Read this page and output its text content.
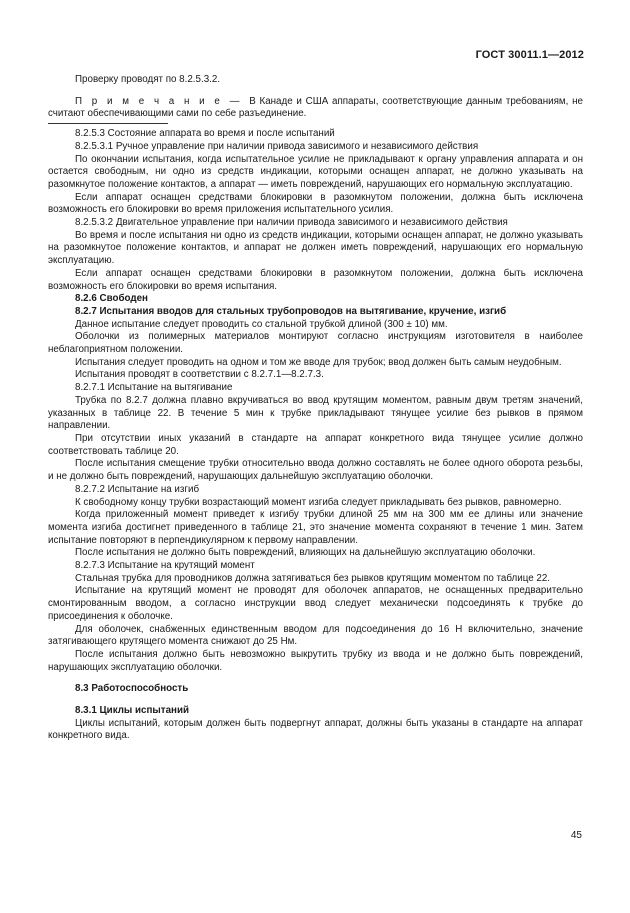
ГОСТ 30011.1—2012

Проверку проводят по 8.2.5.3.2.

П р и м е ч а н и е — В Канаде и США аппараты, соответствующие данным требованиям, не считают обеспечивающими сами по себе разъединение.

8.2.5.3 Состояние аппарата во время и после испытаний

8.2.5.3.1 Ручное управление при наличии привода зависимого и независимого действия

По окончании испытания, когда испытательное усилие не прикладывают к органу управления аппарата и он остается свободным, ни одно из средств индикации, которыми оснащен аппарат, не должно указывать на разомкнутое положение контактов, а аппарат — иметь повреждений, нарушающих его нормальную эксплуатацию.

Если аппарат оснащен средствами блокировки в разомкнутом положении, должна быть исключена возможность его блокировки во время приложения испытательного усилия.

8.2.5.3.2 Двигательное управление при наличии привода зависимого и независимого действия

Во время и после испытания ни одно из средств индикации, которыми оснащен аппарат, не должно указывать на разомкнутое положение контактов, и аппарат не должен иметь повреждений, нарушающих его нормальную эксплуатацию.

Если аппарат оснащен средствами блокировки в разомкнутом положении, должна быть исключена возможность его блокировки во время испытания.

8.2.6 Свободен

8.2.7 Испытания вводов для стальных трубопроводов на вытягивание, кручение, изгиб

Данное испытание следует проводить со стальной трубкой длиной (300 ± 10) мм.

Оболочки из полимерных материалов монтируют согласно инструкциям изготовителя в наиболее неблагоприятном положении.

Испытания следует проводить на одном и том же вводе для трубок; ввод должен быть самым неудобным.

Испытания проводят в соответствии с 8.2.7.1—8.2.7.3.

8.2.7.1 Испытание на вытягивание

Трубка по 8.2.7 должна плавно вкручиваться во ввод крутящим моментом, равным двум третям значений, указанных в таблице 22. В течение 5 мин к трубке прикладывают тянущее усилие без рывков в прямом направлении.

При отсутствии иных указаний в стандарте на аппарат конкретного вида тянущее усилие должно соответствовать таблице 20.

После испытания смещение трубки относительно ввода должно составлять не более одного оборота резьбы, и не должно быть повреждений, нарушающих дальнейшую эксплуатацию оболочки.

8.2.7.2 Испытание на изгиб

К свободному концу трубки возрастающий момент изгиба следует прикладывать без рывков, равномерно.

Когда приложенный момент приведет к изгибу трубки длиной 25 мм на 300 мм ее длины или значение момента изгиба достигнет приведенного в таблице 21, это значение момента сохраняют в течение 1 мин. Затем испытание повторяют в перпендикулярном к первому направлении.

После испытания не должно быть повреждений, влияющих на дальнейшую эксплуатацию оболочки.

8.2.7.3 Испытание на крутящий момент

Стальная трубка для проводников должна затягиваться без рывков крутящим моментом по таблице 22.

Испытание на крутящий момент не проводят для оболочек аппаратов, не оснащенных предварительно смонтированным вводом, а согласно инструкции ввод следует механически подсоединять к трубке до присоединения к оболочке.

Для оболочек, снабженных единственным вводом для подсоединения до 16 Н включительно, значение затягивающего крутящего момента снижают до 25 Нм.

После испытания должно быть невозможно выкрутить трубку из ввода и не должно быть повреждений, нарушающих эксплуатацию оболочки.

8.3 Работоспособность

8.3.1 Циклы испытаний

Циклы испытаний, которым должен быть подвергнут аппарат, должны быть указаны в стандарте на аппарат конкретного вида.

45
